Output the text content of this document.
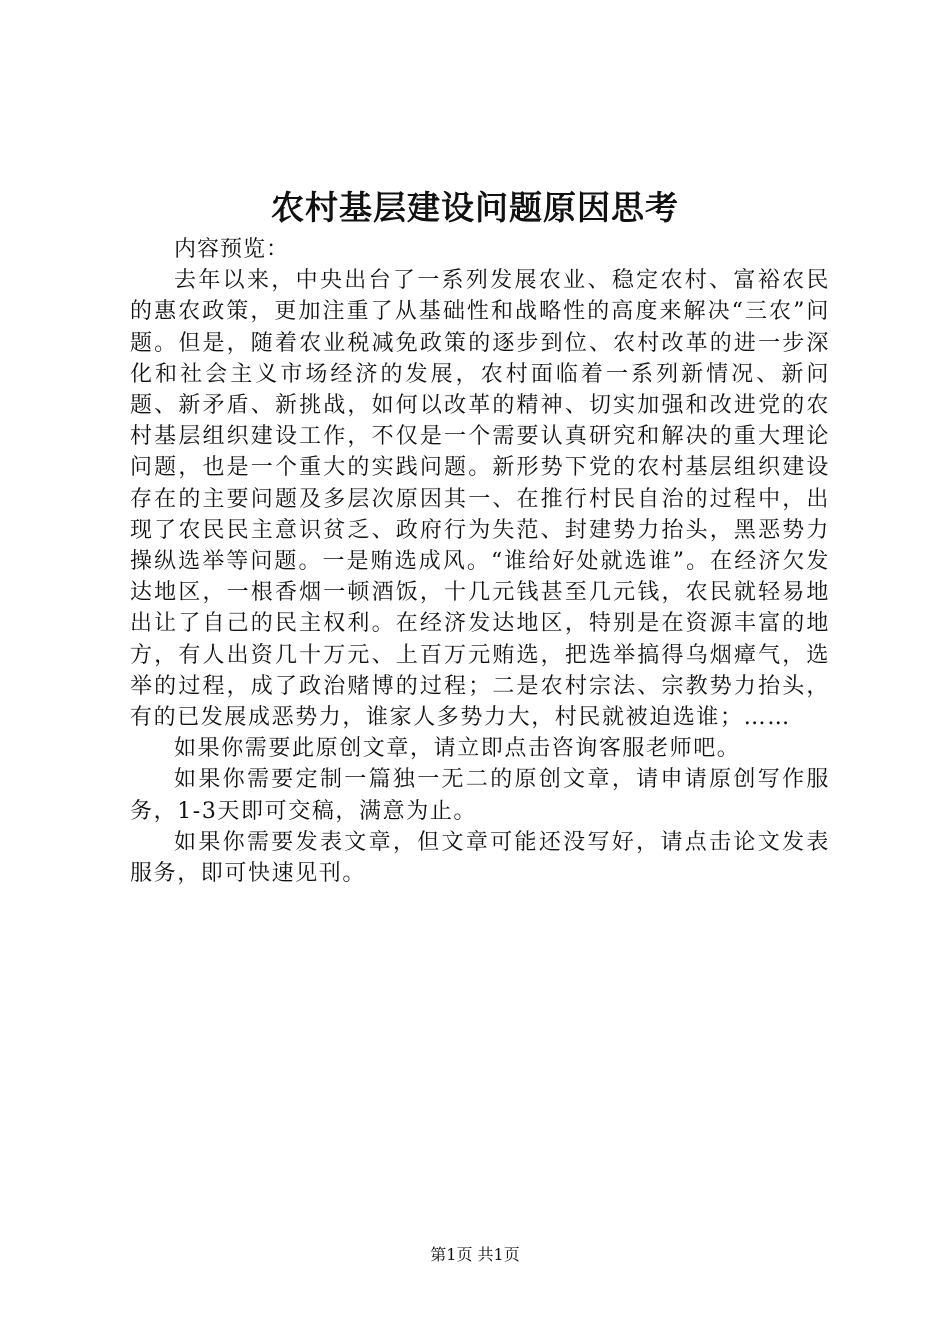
农村基层建设问题原因思考

内容预览：

去年以来，中央出台了一系列发展农业、稳定农村、富裕农民的惠农政策，更加注重了从基础性和战略性的高度来解决“三农”问题。但是，随着农业税减免政策的逐步到位、农村改革的进一步深化和社会主义市场经济的发展，农村面临着一系列新情况、新问题、新矛盾、新挑战，如何以改革的精神、切实加强和改进党的农村基层组织建设工作，不仅是一个需要认真研究和解决的重大理论问题，也是一个重大的实践问题。新形势下党的农村基层组织建设存在的主要问题及多层次原因其一、在推行村民自治的过程中，出现了农民民主意识贫乏、政府行为失范、封建势力抬头，黑恶势力操纵选举等问题。一是贿选成风。“谁给好处就选谁”。在经济欠发达地区，一根香烟一顿酒饭，十几元钱甚至几元钱，农民就轻易地出让了自己的民主权利。在经济发达地区，特别是在资源丰富的地方，有人出资几十万元、上百万元贿选，把选举搞得乌烟瘴气，选举的过程，成了政治赌博的过程；二是农村宗法、宗教势力抬头，有的已发展成恶势力，谁家人多势力大，村民就被迫选谁；……

如果你需要此原创文章，请立即点击咨询客服老师吧。

如果你需要定制一篇独一无二的原创文章，请申请原创写作服务，1-3天即可交稿，满意为止。

如果你需要发表文章，但文章可能还没写好，请点击论文发表服务，即可快速见刊。

第1页 共1页
